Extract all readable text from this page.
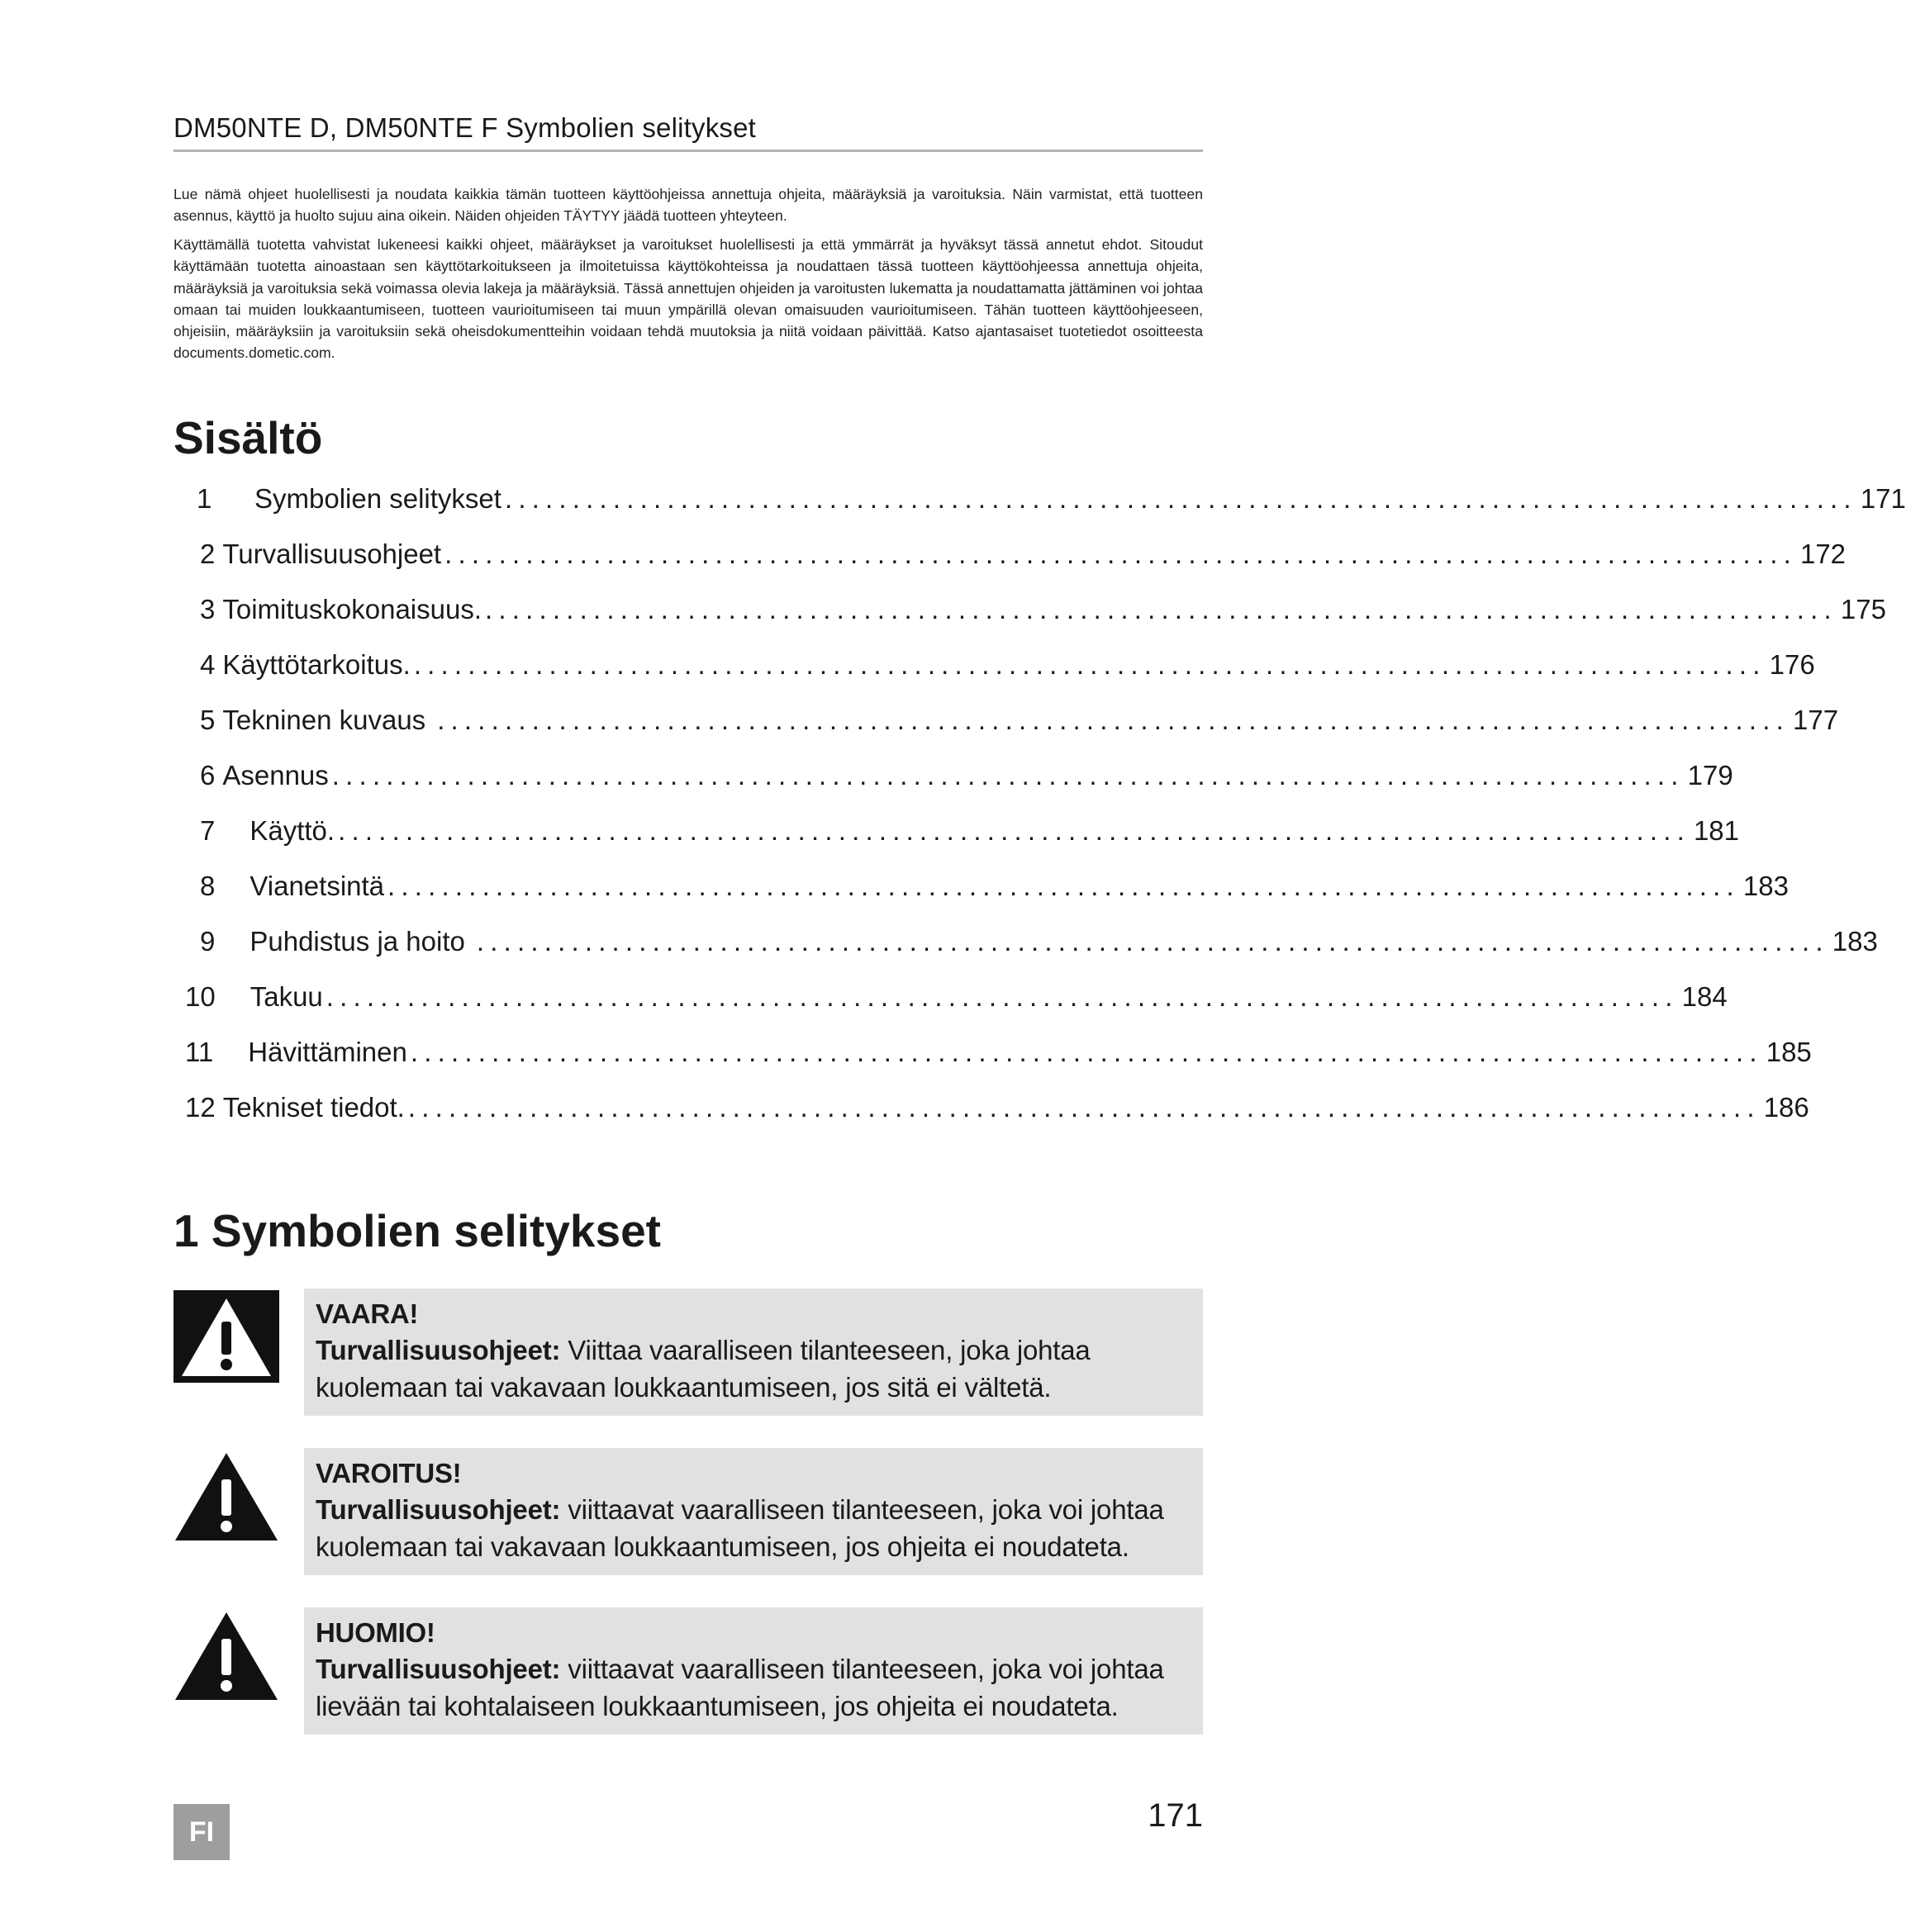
DM50NTE D, DM50NTE F Symbolien selitykset
Lue nämä ohjeet huolellisesti ja noudata kaikkia tämän tuotteen käyttöohjeissa annettuja ohjeita, määräyksiä ja varoituksia. Näin varmistat, että tuotteen asennus, käyttö ja huolto sujuu aina oikein. Näiden ohjeiden TÄYTYY jäädä tuotteen yhteyteen.
Käyttämällä tuotetta vahvistat lukeneesi kaikki ohjeet, määräykset ja varoitukset huolellisesti ja että ymmärrät ja hyväksyt tässä annetut ehdot. Sitoudut käyttämään tuotetta ainoastaan sen käyttötarkoitukseen ja ilmoitetuissa käyttökohteissa ja noudattaen tässä tuotteen käyttöohjeessa annettuja ohjeita, määräyksiä ja varoituksia sekä voimassa olevia lakeja ja määräyksiä. Tässä annettujen ohjeiden ja varoitusten lukematta ja noudattamatta jättäminen voi johtaa omaan tai muiden loukkaantumiseen, tuotteen vaurioitumiseen tai muun ympärillä olevan omaisuuden vaurioitumiseen. Tähän tuotteen käyttöohjeeseen, ohjeisiin, määräyksiin ja varoituksiin sekä oheisdokumentteihin voidaan tehdä muutoksia ja niitä voidaan päivittää. Katso ajantasaiset tuotetiedot osoitteesta documents.dometic.com.
Sisältö
1 Symbolien selitykset .................................................................................................... 171
2 Turvallisuusohjeet .................................................................................................... 172
3 Toimituskokonaisuus. .................................................................................................... 175
4 Käyttötarkoitus. .................................................................................................... 176
5 Tekninen kuvaus .................................................................................................... 177
6 Asennus .................................................................................................... 179
7 Käyttö. .................................................................................................... 181
8 Vianetsintä .................................................................................................... 183
9 Puhdistus ja hoito .................................................................................................... 183
10 Takuu .................................................................................................... 184
11 Hävittäminen .................................................................................................... 185
12 Tekniset tiedot. .................................................................................................... 186
1 Symbolien selitykset
VAARA!
Turvallisuusohjeet: Viittaa vaaralliseen tilanteeseen, joka johtaa kuolemaan tai vakavaan loukkaantumiseen, jos sitä ei vältetä.
VAROITUS!
Turvallisuusohjeet: viittaavat vaaralliseen tilanteeseen, joka voi johtaa kuolemaan tai vakavaan loukkaantumiseen, jos ohjeita ei noudateta.
HUOMIO!
Turvallisuusohjeet: viittaavat vaaralliseen tilanteeseen, joka voi johtaa lievään tai kohtalaiseen loukkaantumiseen, jos ohjeita ei noudateta.
FI	171
